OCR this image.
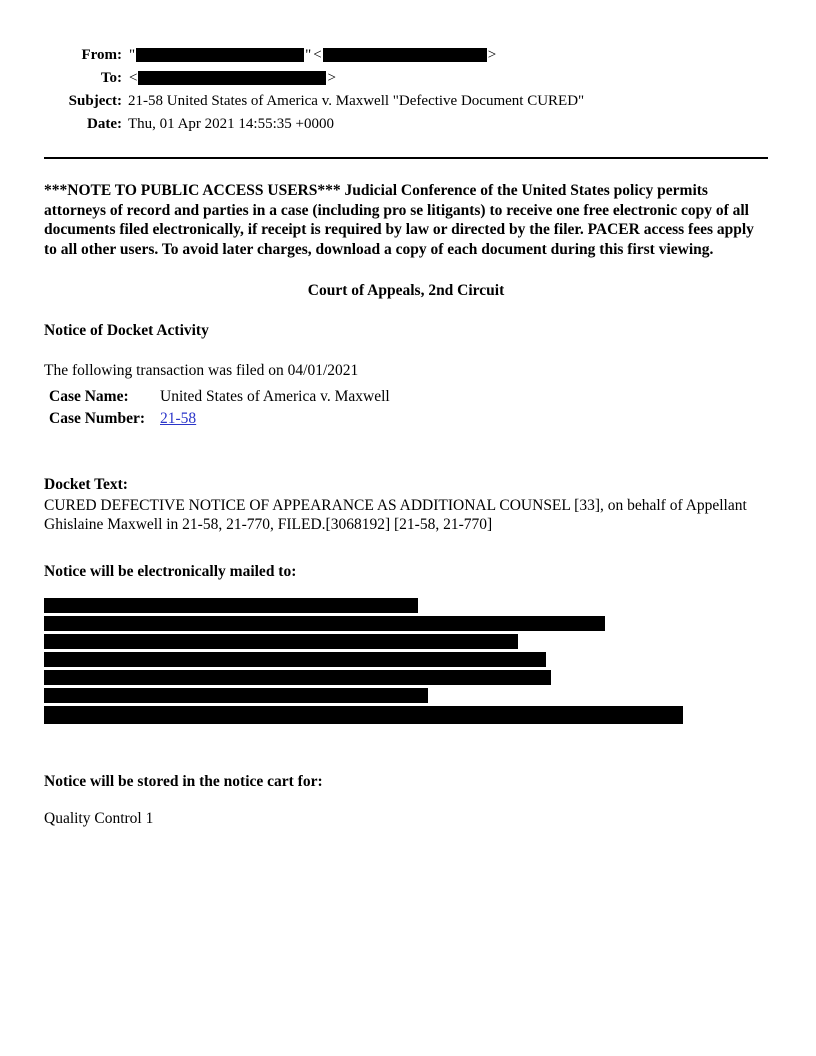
From: "	" <	>
To: <	>
Subject: 21-58 United States of America v. Maxwell "Defective Document CURED"
Date: Thu, 01 Apr 2021 14:55:35 +0000
***NOTE TO PUBLIC ACCESS USERS*** Judicial Conference of the United States policy permits attorneys of record and parties in a case (including pro se litigants) to receive one free electronic copy of all documents filed electronically, if receipt is required by law or directed by the filer. PACER access fees apply to all other users. To avoid later charges, download a copy of each document during this first viewing.
Court of Appeals, 2nd Circuit
Notice of Docket Activity
The following transaction was filed on 04/01/2021
Case Name:	United States of America v. Maxwell
Case Number: 21-58
Docket Text:
CURED DEFECTIVE NOTICE OF APPEARANCE AS ADDITIONAL COUNSEL [33], on behalf of Appellant Ghislaine Maxwell in 21-58, 21-770, FILED.[3068192] [21-58, 21-770]
Notice will be electronically mailed to:
Notice will be stored in the notice cart for:
Quality Control 1
